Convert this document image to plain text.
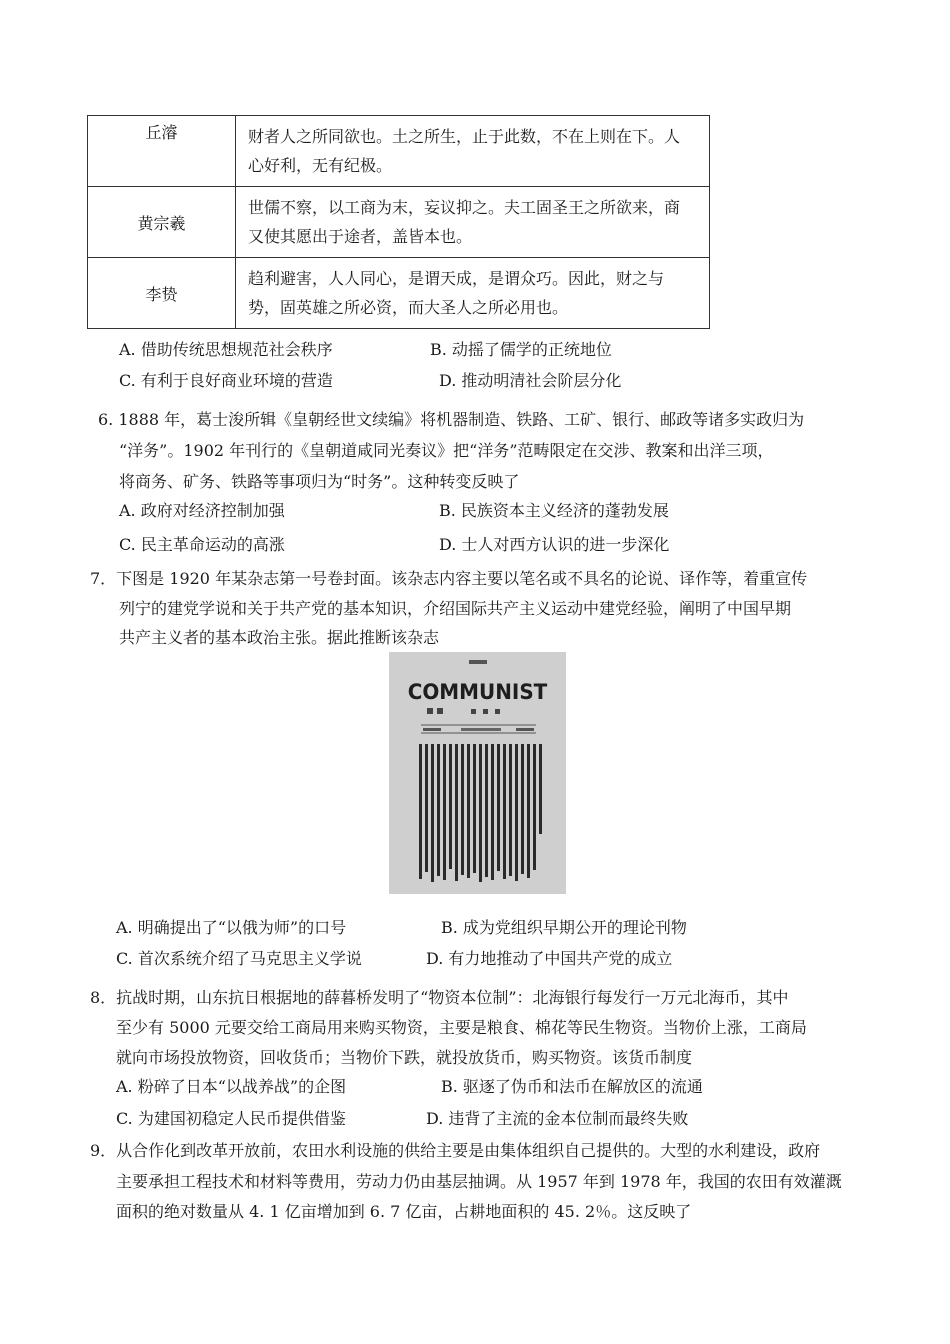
丘濬	财者人之所同欲也。土之所生，止于此数，不在上则在下。人
心好利，无有纪极。

黄宗羲	世儒不察，以工商为末，妄议抑之。夫工固圣王之所欲来，商
又使其愿出于途者，盖皆本也。

李贽	趋利避害，人人同心，是谓天成，是谓众巧。因此，财之与
势，固英雄之所必资，而大圣人之所必用也。
A. 借助传统思想规范社会秩序	B. 动摇了儒学的正统地位
C. 有利于良好商业环境的营造	D. 推动明清社会阶层分化
6. 1888 年，葛士浚所辑《皇朝经世文续编》将机器制造、铁路、工矿、银行、邮政等诸多实政归为
“洋务”。1902 年刊行的《皇朝道咸同光奏议》把“洋务”范畴限定在交涉、教案和出洋三项，
将商务、矿务、铁路等事项归为“时务”。这种转变反映了
A. 政府对经济控制加强	B. 民族资本主义经济的蓬勃发展
C. 民主革命运动的高涨	D. 士人对西方认识的进一步深化
7．下图是 1920 年某杂志第一号卷封面。该杂志内容主要以笔名或不具名的论说、译作等，着重宣传
列宁的建党学说和关于共产党的基本知识，介绍国际共产主义运动中建党经验，阐明了中国早期
共产主义者的基本政治主张。据此推断该杂志
COMMUNIST
A. 明确提出了“以俄为师”的口号	B. 成为党组织早期公开的理论刊物
C. 首次系统介绍了马克思主义学说	D. 有力地推动了中国共产党的成立
8．抗战时期，山东抗日根据地的薛暮桥发明了“物资本位制”：北海银行每发行一万元北海币，其中
至少有 5000 元要交给工商局用来购买物资，主要是粮食、棉花等民生物资。当物价上涨，工商局
就向市场投放物资，回收货币；当物价下跌，就投放货币，购买物资。该货币制度
A. 粉碎了日本“以战养战”的企图	B. 驱逐了伪币和法币在解放区的流通
C. 为建国初稳定人民币提供借鉴	D. 违背了主流的金本位制而最终失败
9．从合作化到改革开放前，农田水利设施的供给主要是由集体组织自己提供的。大型的水利建设，政府
主要承担工程技术和材料等费用，劳动力仍由基层抽调。从 1957 年到 1978 年，我国的农田有效灌溉
面积的绝对数量从 4. 1 亿亩增加到 6. 7 亿亩，占耕地面积的 45. 2％。这反映了
